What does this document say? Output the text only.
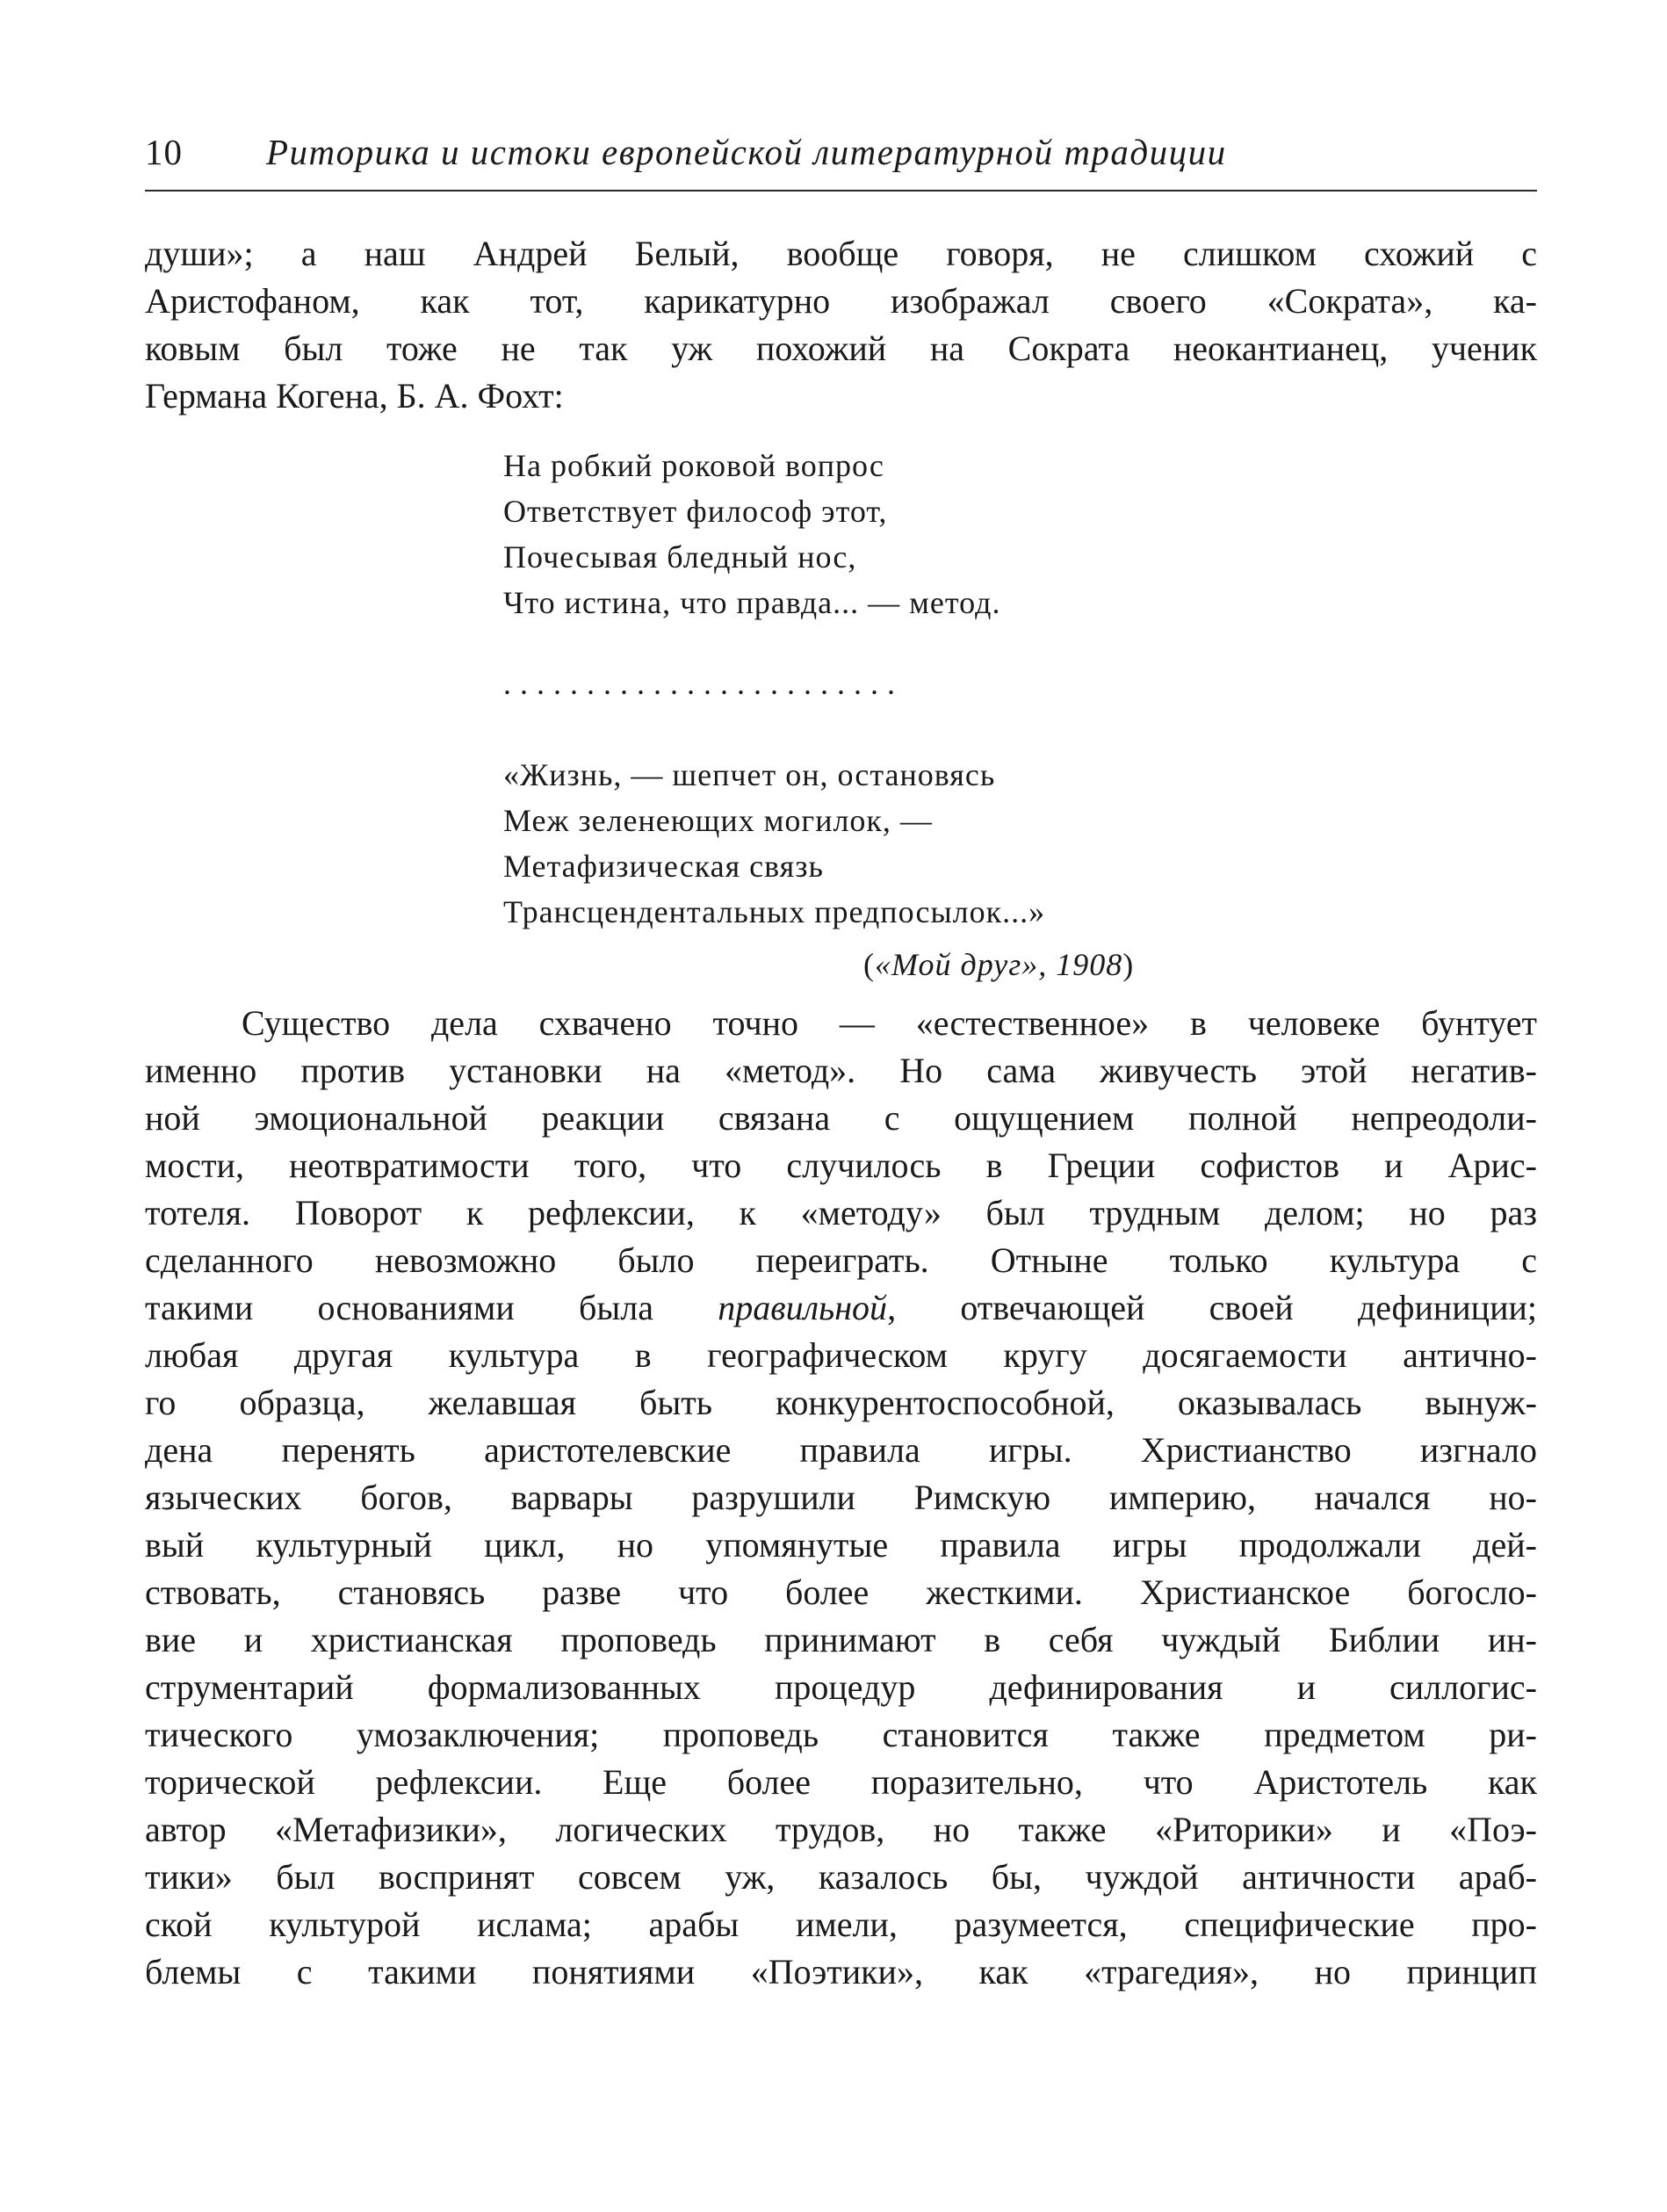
10 Риторика и истоки европейской литературной традиции
души»; а наш Андрей Белый, вообще говоря, не слишком схожий с
Аристофаном, как тот, карикатурно изображал своего «Сократа», ка-
ковым был тоже не так уж похожий на Сократа неокантианец, ученик
Германа Когена, Б. А. Фохт:
На робкий роковой вопрос
Ответствует философ этот,
Почесывая бледный нос,
Что истина, что правда... — метод.
........................
«Жизнь, — шепчет он, остановясь
Меж зеленеющих могилок, —
Метафизическая связь
Трансцендентальных предпосылок...»
(«Мой друг», 1908)
Существо дела схвачено точно — «естественное» в человеке бунтует
именно против установки на «метод». Но сама живучесть этой негатив-
ной эмоциональной реакции связана с ощущением полной непреодоли-
мости, неотвратимости того, что случилось в Греции софистов и Арис-
тотеля. Поворот к рефлексии, к «методу» был трудным делом; но раз
сделанного невозможно было переиграть. Отныне только культура с
такими основаниями была правильной, отвечающей своей дефиниции;
любая другая культура в географическом кругу досягаемости антично-
го образца, желавшая быть конкурентоспособной, оказывалась вынуж-
дена перенять аристотелевские правила игры. Христианство изгнало
языческих богов, варвары разрушили Римскую империю, начался но-
вый культурный цикл, но упомянутые правила игры продолжали дей-
ствовать, становясь разве что более жесткими. Христианское богосло-
вие и христианская проповедь принимают в себя чуждый Библии ин-
струментарий формализованных процедур дефинирования и силлогис-
тического умозаключения; проповедь становится также предметом ри-
торической рефлексии. Еще более поразительно, что Аристотель как
автор «Метафизики», логических трудов, но также «Риторики» и «Поэ-
тики» был воспринят совсем уж, казалось бы, чуждой античности араб-
ской культурой ислама; арабы имели, разумеется, специфические про-
блемы с такими понятиями «Поэтики», как «трагедия», но принцип
